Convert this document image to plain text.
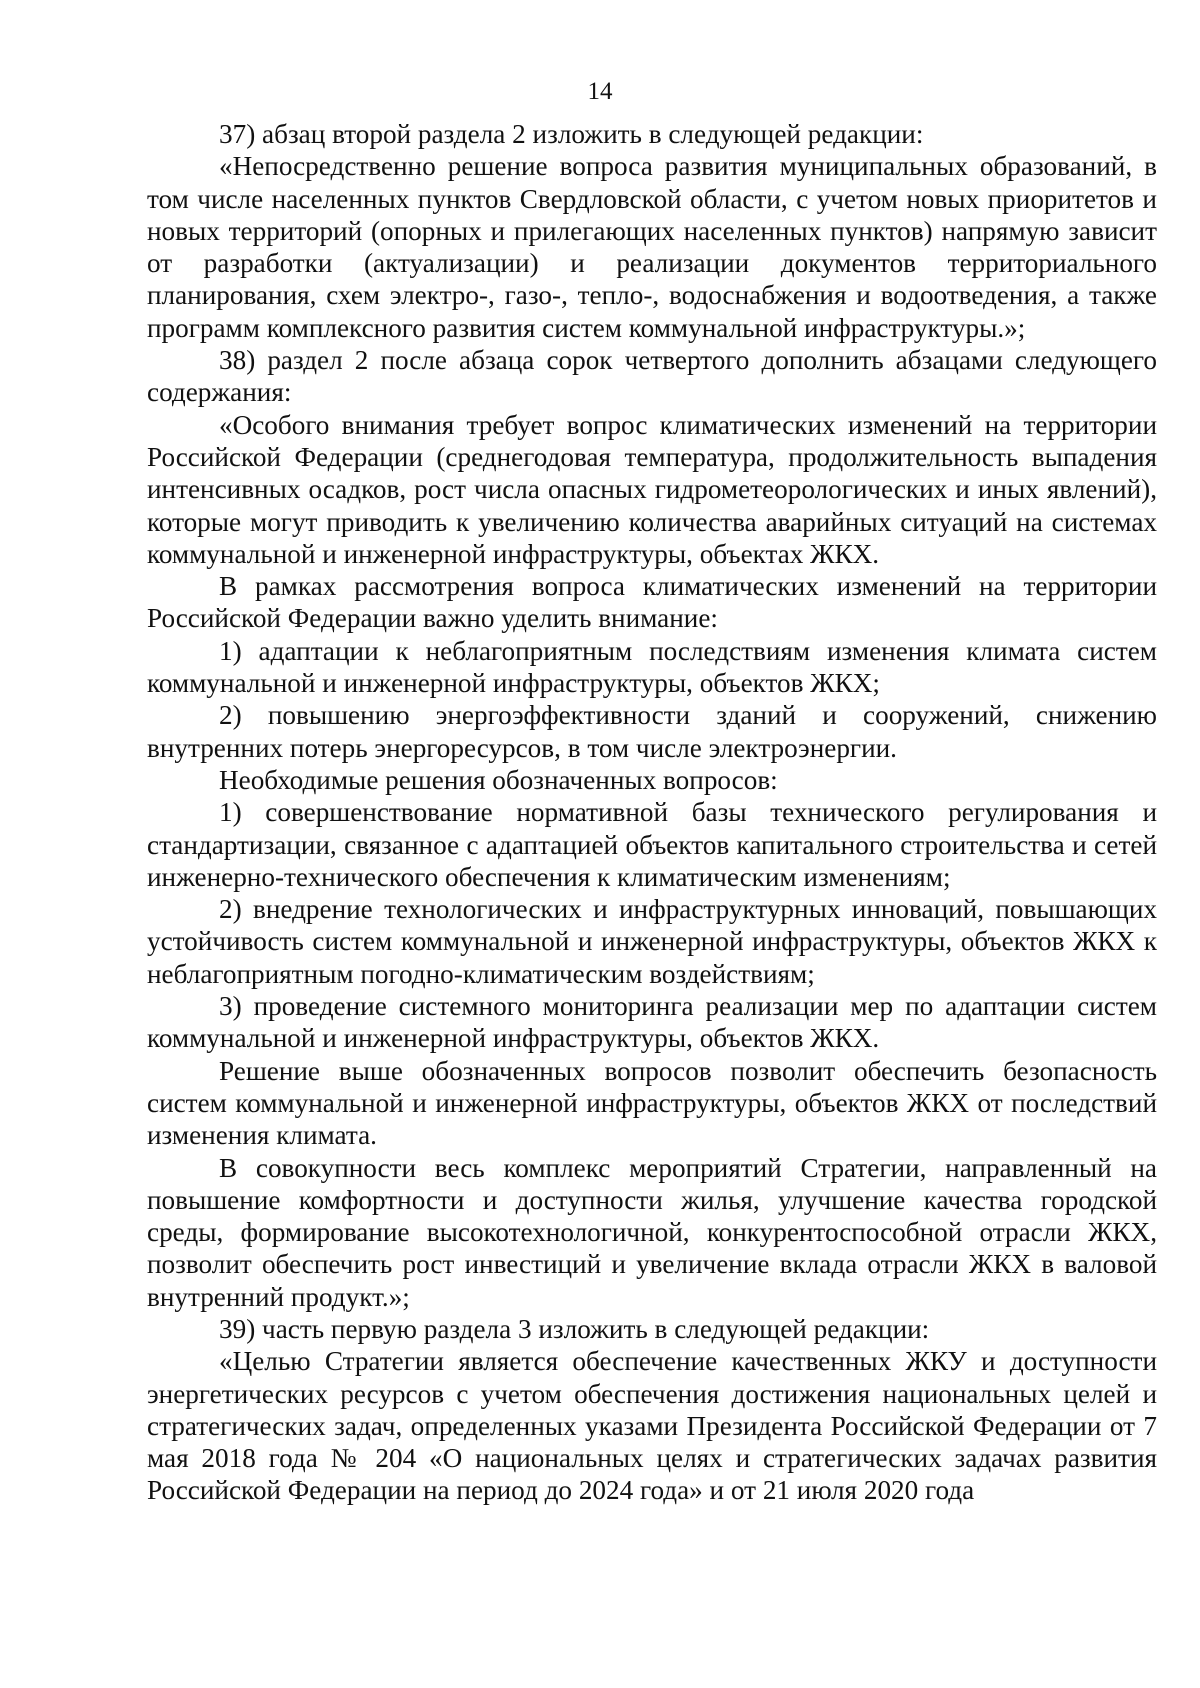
14

37) абзац второй раздела 2 изложить в следующей редакции:

«Непосредственно решение вопроса развития муниципальных образований, в том числе населенных пунктов Свердловской области, с учетом новых приоритетов и новых территорий (опорных и прилегающих населенных пунктов) напрямую зависит от разработки (актуализации) и реализации документов территориального планирования, схем электро-, газо-, тепло-, водоснабжения и водоотведения, а также программ комплексного развития систем коммунальной инфраструктуры.»;

38) раздел 2 после абзаца сорок четвертого дополнить абзацами следующего содержания:

«Особого внимания требует вопрос климатических изменений на территории Российской Федерации (среднегодовая температура, продолжительность выпадения интенсивных осадков, рост числа опасных гидрометеорологических и иных явлений), которые могут приводить к увеличению количества аварийных ситуаций на системах коммунальной и инженерной инфраструктуры, объектах ЖКХ.

В рамках рассмотрения вопроса климатических изменений на территории Российской Федерации важно уделить внимание:

1) адаптации к неблагоприятным последствиям изменения климата систем коммунальной и инженерной инфраструктуры, объектов ЖКХ;

2) повышению энергоэффективности зданий и сооружений, снижению внутренних потерь энергоресурсов, в том числе электроэнергии.

Необходимые решения обозначенных вопросов:

1) совершенствование нормативной базы технического регулирования и стандартизации, связанное с адаптацией объектов капитального строительства и сетей инженерно-технического обеспечения к климатическим изменениям;

2) внедрение технологических и инфраструктурных инноваций, повышающих устойчивость систем коммунальной и инженерной инфраструктуры, объектов ЖКХ к неблагоприятным погодно-климатическим воздействиям;

3) проведение системного мониторинга реализации мер по адаптации систем коммунальной и инженерной инфраструктуры, объектов ЖКХ.

Решение выше обозначенных вопросов позволит обеспечить безопасность систем коммунальной и инженерной инфраструктуры, объектов ЖКХ от последствий изменения климата.

В совокупности весь комплекс мероприятий Стратегии, направленный на повышение комфортности и доступности жилья, улучшение качества городской среды, формирование высокотехнологичной, конкурентоспособной отрасли ЖКХ, позволит обеспечить рост инвестиций и увеличение вклада отрасли ЖКХ в валовой внутренний продукт.»;

39) часть первую раздела 3 изложить в следующей редакции:

«Целью Стратегии является обеспечение качественных ЖКУ и доступности энергетических ресурсов с учетом обеспечения достижения национальных целей и стратегических задач, определенных указами Президента Российской Федерации от 7 мая 2018 года № 204 «О национальных целях и стратегических задачах развития Российской Федерации на период до 2024 года» и от 21 июля 2020 года
